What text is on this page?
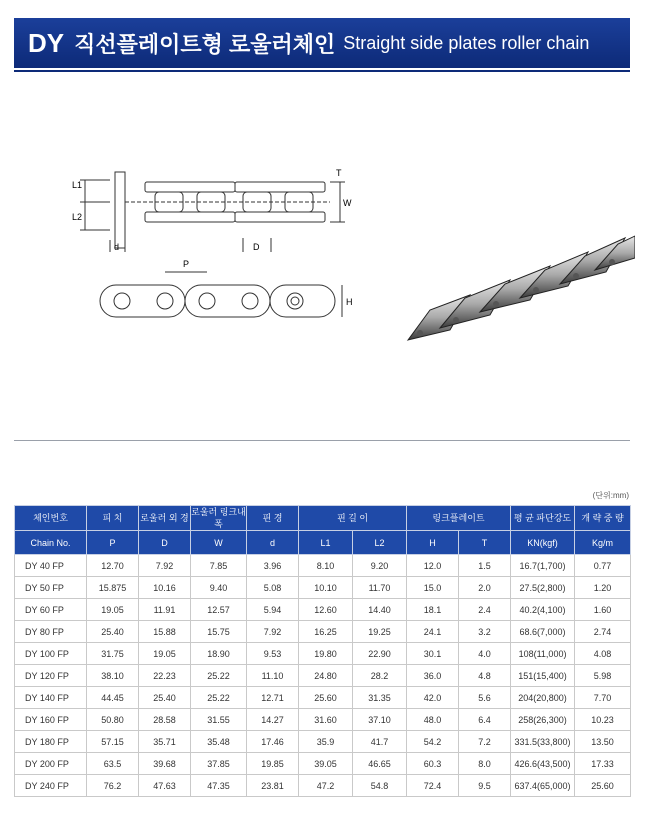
DY 직선플레이트형 로울러체인 Straight side plates roller chain
L1
L2
T
W
d	D
P
H
(단위:mm)
체인번호	피 치	로울러 외 경	로울러 링크내폭	핀 경	핀 길 이		링크플레이트		평 균 파단강도	개 략 중 량
Chain No.	P	D	W	d	L1	L2	H	T	KN(kgf)	Kg/m
DY 40 FP	12.70	7.92	7.85	3.96	8.10	9.20	12.0	1.5	16.7(1,700)	0.77
DY 50 FP	15.875	10.16	9.40	5.08	10.10	11.70	15.0	2.0	27.5(2,800)	1.20
DY 60 FP	19.05	11.91	12.57	5.94	12.60	14.40	18.1	2.4	40.2(4,100)	1.60
DY 80 FP	25.40	15.88	15.75	7.92	16.25	19.25	24.1	3.2	68.6(7,000)	2.74
DY 100 FP	31.75	19.05	18.90	9.53	19.80	22.90	30.1	4.0	108(11,000)	4.08
DY 120 FP	38.10	22.23	25.22	11.10	24.80	28.2	36.0	4.8	151(15,400)	5.98
DY 140 FP	44.45	25.40	25.22	12.71	25.60	31.35	42.0	5.6	204(20,800)	7.70
DY 160 FP	50.80	28.58	31.55	14.27	31.60	37.10	48.0	6.4	258(26,300)	10.23
DY 180 FP	57.15	35.71	35.48	17.46	35.9	41.7	54.2	7.2	331.5(33,800)	13.50
DY 200 FP	63.5	39.68	37.85	19.85	39.05	46.65	60.3	8.0	426.6(43,500)	17.33
DY 240 FP	76.2	47.63	47.35	23.81	47.2	54.8	72.4	9.5	637.4(65,000)	25.60
